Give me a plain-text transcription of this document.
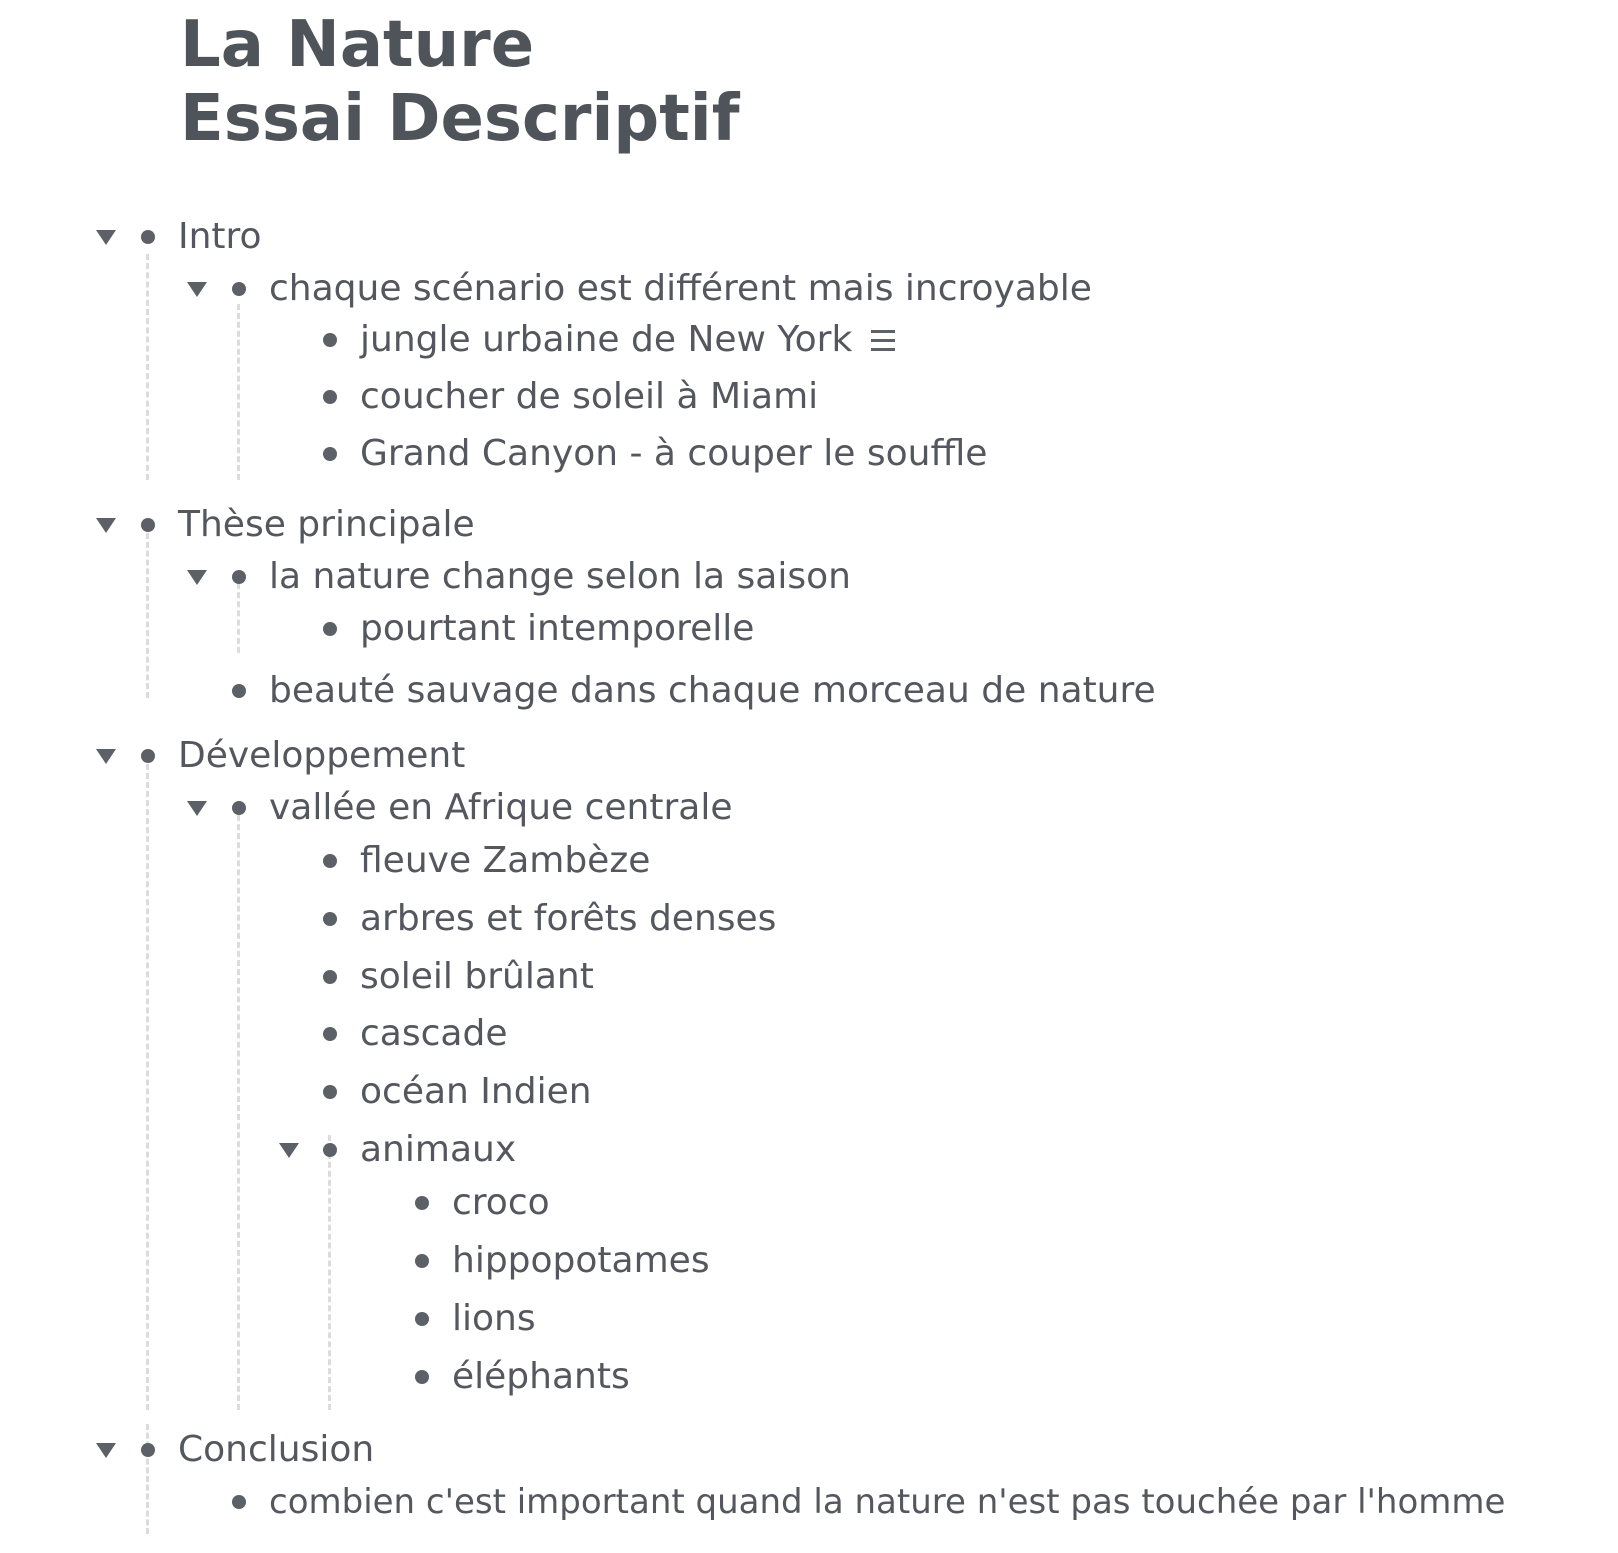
La Nature
Essai Descriptif
Intro
chaque scénario est différent mais incroyable
jungle urbaine de New York
coucher de soleil à Miami
Grand Canyon - à couper le souffle
Thèse principale
la nature change selon la saison
pourtant intemporelle
beauté sauvage dans chaque morceau de nature
Développement
vallée en Afrique centrale
fleuve Zambèze
arbres et forêts denses
soleil brûlant
cascade
océan Indien
animaux
croco
hippopotames
lions
éléphants
Conclusion
combien c'est important quand la nature n'est pas touchée par l'homme
